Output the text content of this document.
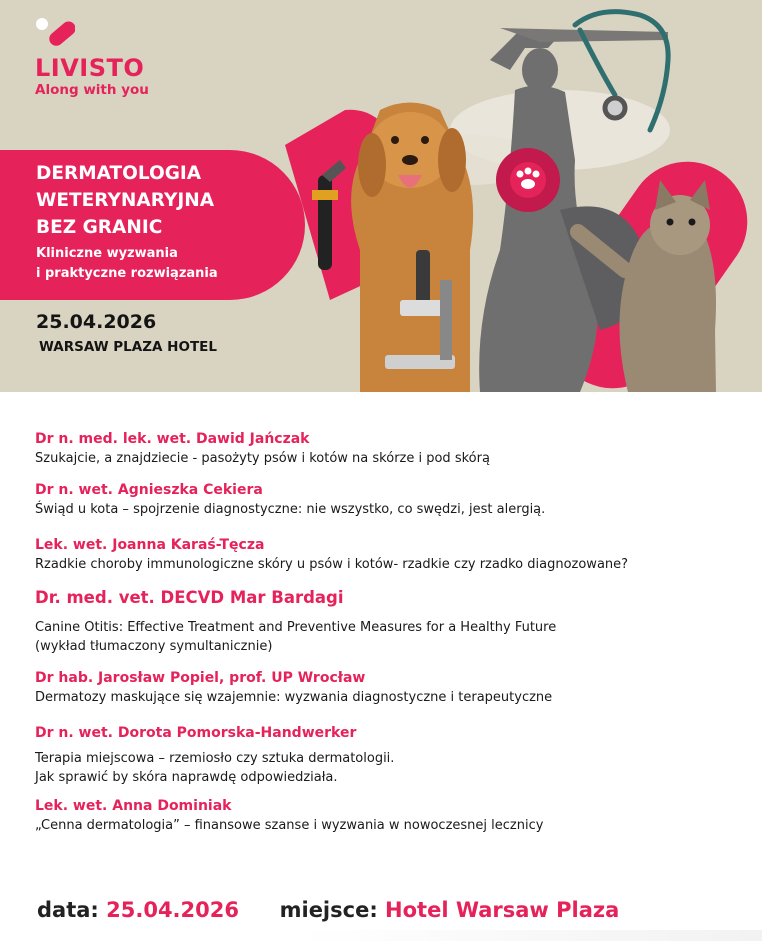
LIVISTO
Along with you
DERMATOLOGIA
WETERYNARYJNA
BEZ GRANIC
Kliniczne wyzwania
i praktyczne rozwiązania
25.04.2026
WARSAW PLAZA HOTEL
Dr n. med. lek. wet. Dawid Jańczak
Szukajcie, a znajdziecie - pasożyty psów i kotów na skórze i pod skórą
Dr n. wet. Agnieszka Cekiera
Świąd u kota – spojrzenie diagnostyczne: nie wszystko, co swędzi, jest alergią.
Lek. wet. Joanna Karaś-Tęcza
Rzadkie choroby immunologiczne skóry u psów i kotów- rzadkie czy rzadko diagnozowane?
Dr. med. vet. DECVD Mar Bardagi
Canine Otitis: Effective Treatment and Preventive Measures for a Healthy Future
(wykład tłumaczony symultanicznie)
Dr hab. Jarosław Popiel, prof. UP Wrocław
Dermatozy maskujące się wzajemnie: wyzwania diagnostyczne i terapeutyczne
Dr n. wet. Dorota Pomorska-Handwerker
Terapia miejscowa – rzemiosło czy sztuka dermatologii.
Jak sprawić by skóra naprawdę odpowiedziała.
Lek. wet. Anna Dominiak
„Cenna dermatologia” – finansowe szanse i wyzwania w nowoczesnej lecznicy
data: 25.04.2026 miejsce: Hotel Warsaw Plaza
